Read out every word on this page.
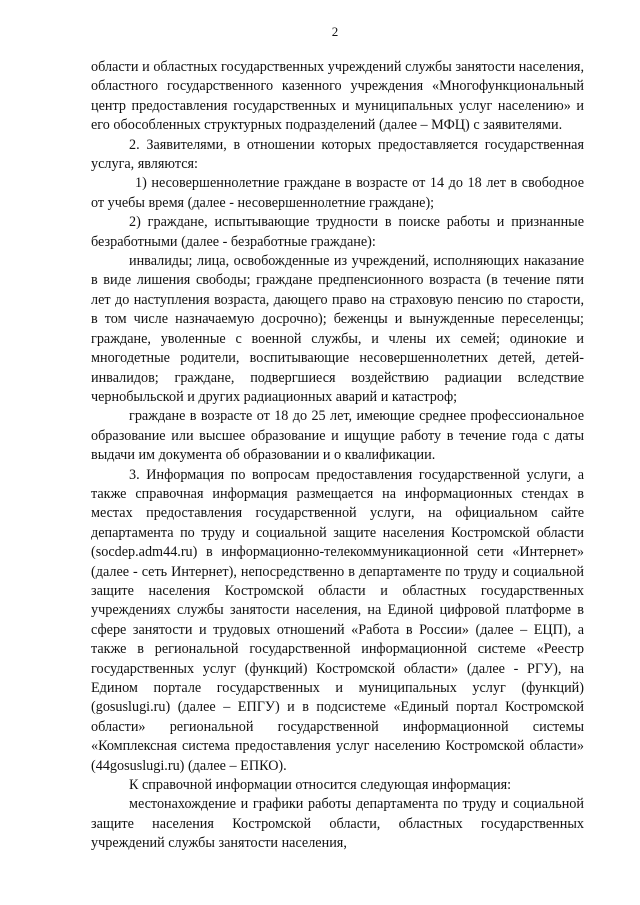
2

области и областных государственных учреждений службы занятости населения, областного государственного казенного учреждения «Многофункциональный центр предоставления государственных и муниципальных услуг населению» и его обособленных структурных подразделений (далее – МФЦ) с заявителями.

2. Заявителями, в отношении которых предоставляется государственная услуга, являются:

1) несовершеннолетние граждане в возрасте от 14 до 18 лет в свободное от учебы время (далее - несовершеннолетние граждане);

2) граждане, испытывающие трудности в поиске работы и признанные безработными (далее - безработные граждане):

инвалиды; лица, освобожденные из учреждений, исполняющих наказание в виде лишения свободы; граждане предпенсионного возраста (в течение пяти лет до наступления возраста, дающего право на страховую пенсию по старости, в том числе назначаемую досрочно); беженцы и вынужденные переселенцы; граждане, уволенные с военной службы, и члены их семей; одинокие и многодетные родители, воспитывающие несовершеннолетних детей, детей-инвалидов; граждане, подвергшиеся воздействию радиации вследствие чернобыльской и других радиационных аварий и катастроф;

граждане в возрасте от 18 до 25 лет, имеющие среднее профессиональное образование или высшее образование и ищущие работу в течение года с даты выдачи им документа об образовании и о квалификации.

3. Информация по вопросам предоставления государственной услуги, а также справочная информация размещается на информационных стендах в местах предоставления государственной услуги, на официальном сайте департамента по труду и социальной защите населения Костромской области (socdep.adm44.ru) в информационно-телекоммуникационной сети «Интернет» (далее - сеть Интернет), непосредственно в департаменте по труду и социальной защите населения Костромской области и областных государственных учреждениях службы занятости населения, на Единой цифровой платформе в сфере занятости и трудовых отношений «Работа в России» (далее – ЕЦП), а также в региональной государственной информационной системе «Реестр государственных услуг (функций) Костромской области» (далее - РГУ), на Едином портале государственных и муниципальных услуг (функций) (gosuslugi.ru) (далее – ЕПГУ) и в подсистеме «Единый портал Костромской области» региональной государственной информационной системы «Комплексная система предоставления услуг населению Костромской области» (44gosuslugi.ru) (далее – ЕПКО).

К справочной информации относится следующая информация:

местонахождение и графики работы департамента по труду и социальной защите населения Костромской области, областных государственных учреждений службы занятости населения,
